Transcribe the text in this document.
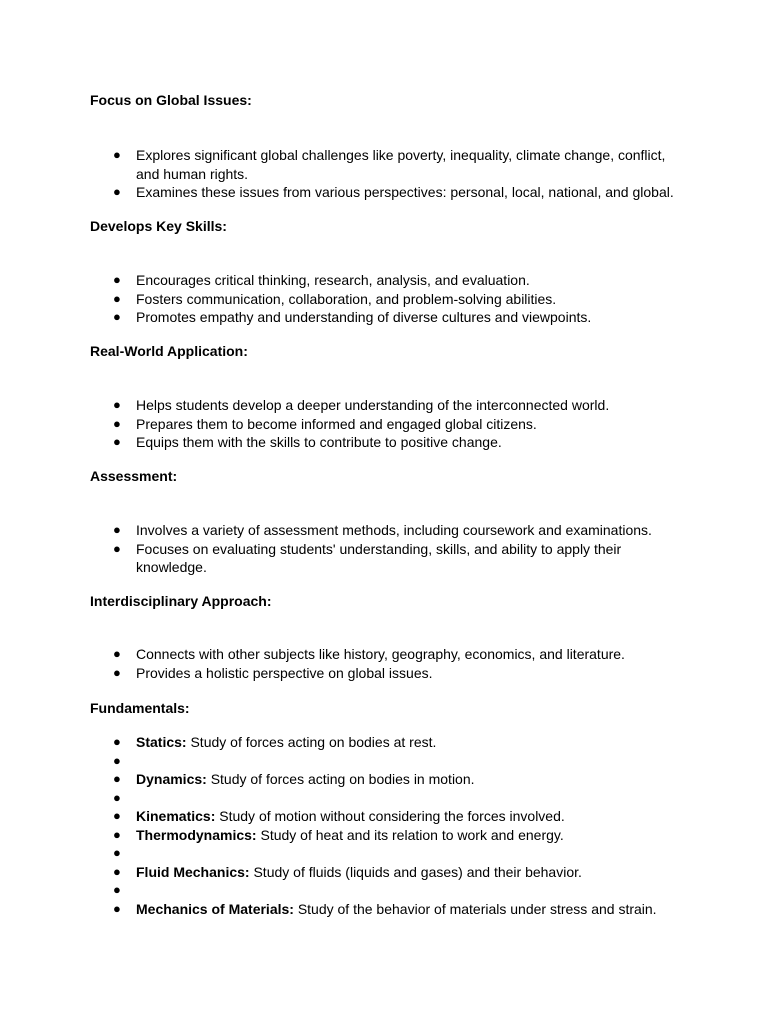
Focus on Global Issues:
● Explores significant global challenges like poverty, inequality, climate change, conflict, and human rights.
● Examines these issues from various perspectives: personal, local, national, and global.
Develops Key Skills:
● Encourages critical thinking, research, analysis, and evaluation.
● Fosters communication, collaboration, and problem-solving abilities.
● Promotes empathy and understanding of diverse cultures and viewpoints.
Real-World Application:
● Helps students develop a deeper understanding of the interconnected world.
● Prepares them to become informed and engaged global citizens.
● Equips them with the skills to contribute to positive change.
Assessment:
● Involves a variety of assessment methods, including coursework and examinations.
● Focuses on evaluating students' understanding, skills, and ability to apply their knowledge.
Interdisciplinary Approach:
● Connects with other subjects like history, geography, economics, and literature.
● Provides a holistic perspective on global issues.
Fundamentals:
● Statics: Study of forces acting on bodies at rest.
●
● Dynamics: Study of forces acting on bodies in motion.
●
● Kinematics: Study of motion without considering the forces involved.
● Thermodynamics: Study of heat and its relation to work and energy.
●
● Fluid Mechanics: Study of fluids (liquids and gases) and their behavior.
●
● Mechanics of Materials: Study of the behavior of materials under stress and strain.
